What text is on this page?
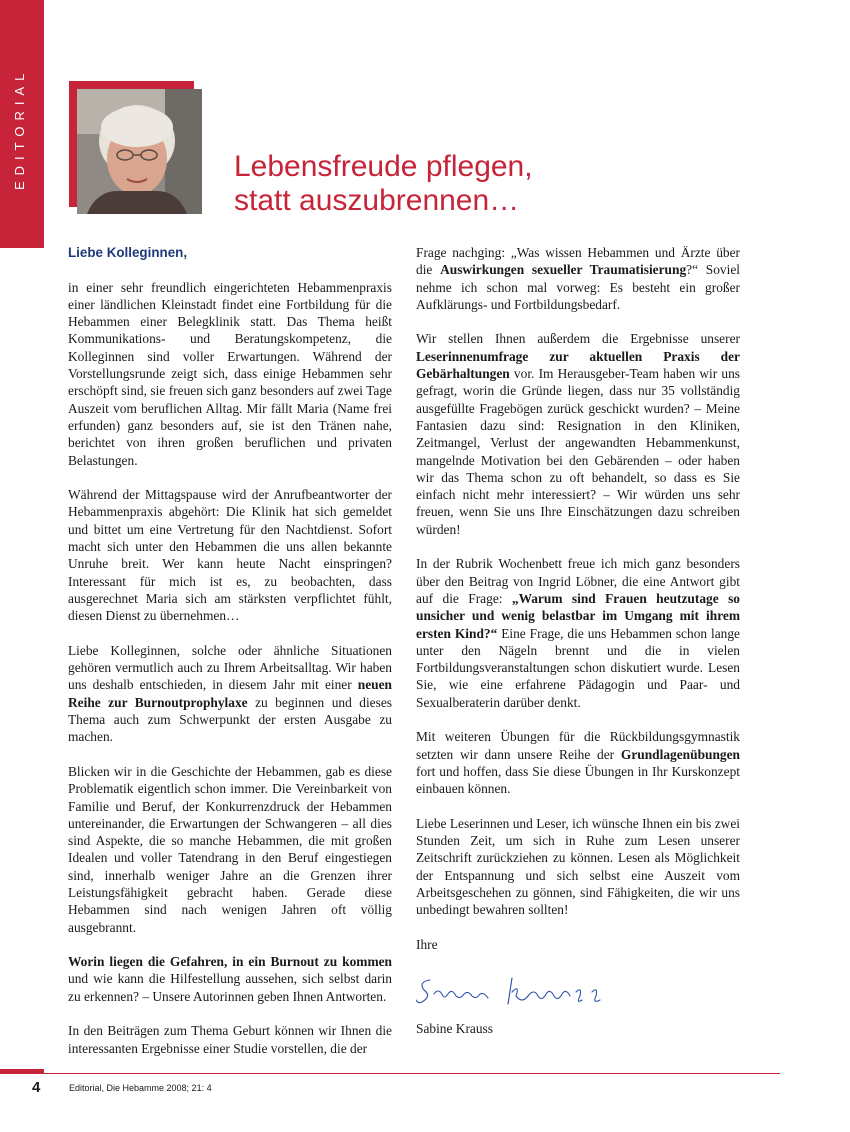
EDITORIAL	Lebensfreude pflegen,
statt auszubrennen…
Liebe Kolleginnen,

in einer sehr freundlich eingerichteten Hebammenpraxis einer ländlichen Kleinstadt findet eine Fortbildung für die Hebammen einer Belegklinik statt. Das Thema heißt Kommunikations- und Beratungskompetenz, die Kolleginnen sind voller Erwartungen. Während der Vorstellungsrunde zeigt sich, dass einige Hebammen sehr erschöpft sind, sie freuen sich ganz besonders auf zwei Tage Auszeit vom beruflichen Alltag. Mir fällt Maria (Name frei erfunden) ganz besonders auf, sie ist den Tränen nahe, berichtet von ihren großen beruflichen und privaten Belastungen.

Während der Mittagspause wird der Anrufbeantworter der Hebammenpraxis abgehört: Die Klinik hat sich gemeldet und bittet um eine Vertretung für den Nachtdienst. Sofort macht sich unter den Hebammen die uns allen bekannte Unruhe breit. Wer kann heute Nacht einspringen? Interessant für mich ist es, zu beobachten, dass ausgerechnet Maria sich am stärksten verpflichtet fühlt, diesen Dienst zu übernehmen…

Liebe Kolleginnen, solche oder ähnliche Situationen gehören vermutlich auch zu Ihrem Arbeitsalltag. Wir haben uns deshalb entschieden, in diesem Jahr mit einer neuen Reihe zur Burnoutprophylaxe zu beginnen und dieses Thema auch zum Schwerpunkt der ersten Ausgabe zu machen.

Blicken wir in die Geschichte der Hebammen, gab es diese Problematik eigentlich schon immer. Die Vereinbarkeit von Familie und Beruf, der Konkurrenzdruck der Hebammen untereinander, die Erwartungen der Schwangeren – all dies sind Aspekte, die so manche Hebammen, die mit großen Idealen und voller Tatendrang in den Beruf eingestiegen sind, innerhalb weniger Jahre an die Grenzen ihrer Leistungsfähigkeit gebracht haben. Gerade diese Hebammen sind nach wenigen Jahren oft völlig ausgebrannt.

Worin liegen die Gefahren, in ein Burnout zu kommen und wie kann die Hilfestellung aussehen, sich selbst darin zu erkennen? – Unsere Autorinnen geben Ihnen Antworten.

In den Beiträgen zum Thema Geburt können wir Ihnen die interessanten Ergebnisse einer Studie vorstellen, die der

Frage nachging: „Was wissen Hebammen und Ärzte über die Auswirkungen sexueller Traumatisierung?“ Soviel nehme ich schon mal vorweg: Es besteht ein großer Aufklärungs- und Fortbildungsbedarf.

Wir stellen Ihnen außerdem die Ergebnisse unserer Leserinnenumfrage zur aktuellen Praxis der Gebärhaltungen vor. Im Herausgeber-Team haben wir uns gefragt, worin die Gründe liegen, dass nur 35 vollständig ausgefüllte Fragebögen zurück geschickt wurden? – Meine Fantasien dazu sind: Resignation in den Kliniken, Zeitmangel, Verlust der angewandten Hebammenkunst, mangelnde Motivation bei den Gebärenden – oder haben wir das Thema schon zu oft behandelt, so dass es Sie einfach nicht mehr interessiert? – Wir würden uns sehr freuen, wenn Sie uns Ihre Einschätzungen dazu schreiben würden!

In der Rubrik Wochenbett freue ich mich ganz besonders über den Beitrag von Ingrid Löbner, die eine Antwort gibt auf die Frage: „Warum sind Frauen heutzutage so unsicher und wenig belastbar im Umgang mit ihrem ersten Kind?“ Eine Frage, die uns Hebammen schon lange unter den Nägeln brennt und die in vielen Fortbildungsveranstaltungen schon diskutiert wurde. Lesen Sie, wie eine erfahrene Pädagogin und Paar- und Sexualberaterin darüber denkt.

Mit weiteren Übungen für die Rückbildungsgymnastik setzten wir dann unsere Reihe der Grundlagenübungen fort und hoffen, dass Sie diese Übungen in Ihr Kurskonzept einbauen können.

Liebe Leserinnen und Leser, ich wünsche Ihnen ein bis zwei Stunden Zeit, um sich in Ruhe zum Lesen unserer Zeitschrift zurückziehen zu können. Lesen als Möglichkeit der Entspannung und sich selbst eine Auszeit vom Arbeitsgeschehen zu gönnen, sind Fähigkeiten, die wir uns unbedingt bewahren sollten!

Ihre

Sabine Krauss

4	Editorial, Die Hebamme 2008; 21: 4
